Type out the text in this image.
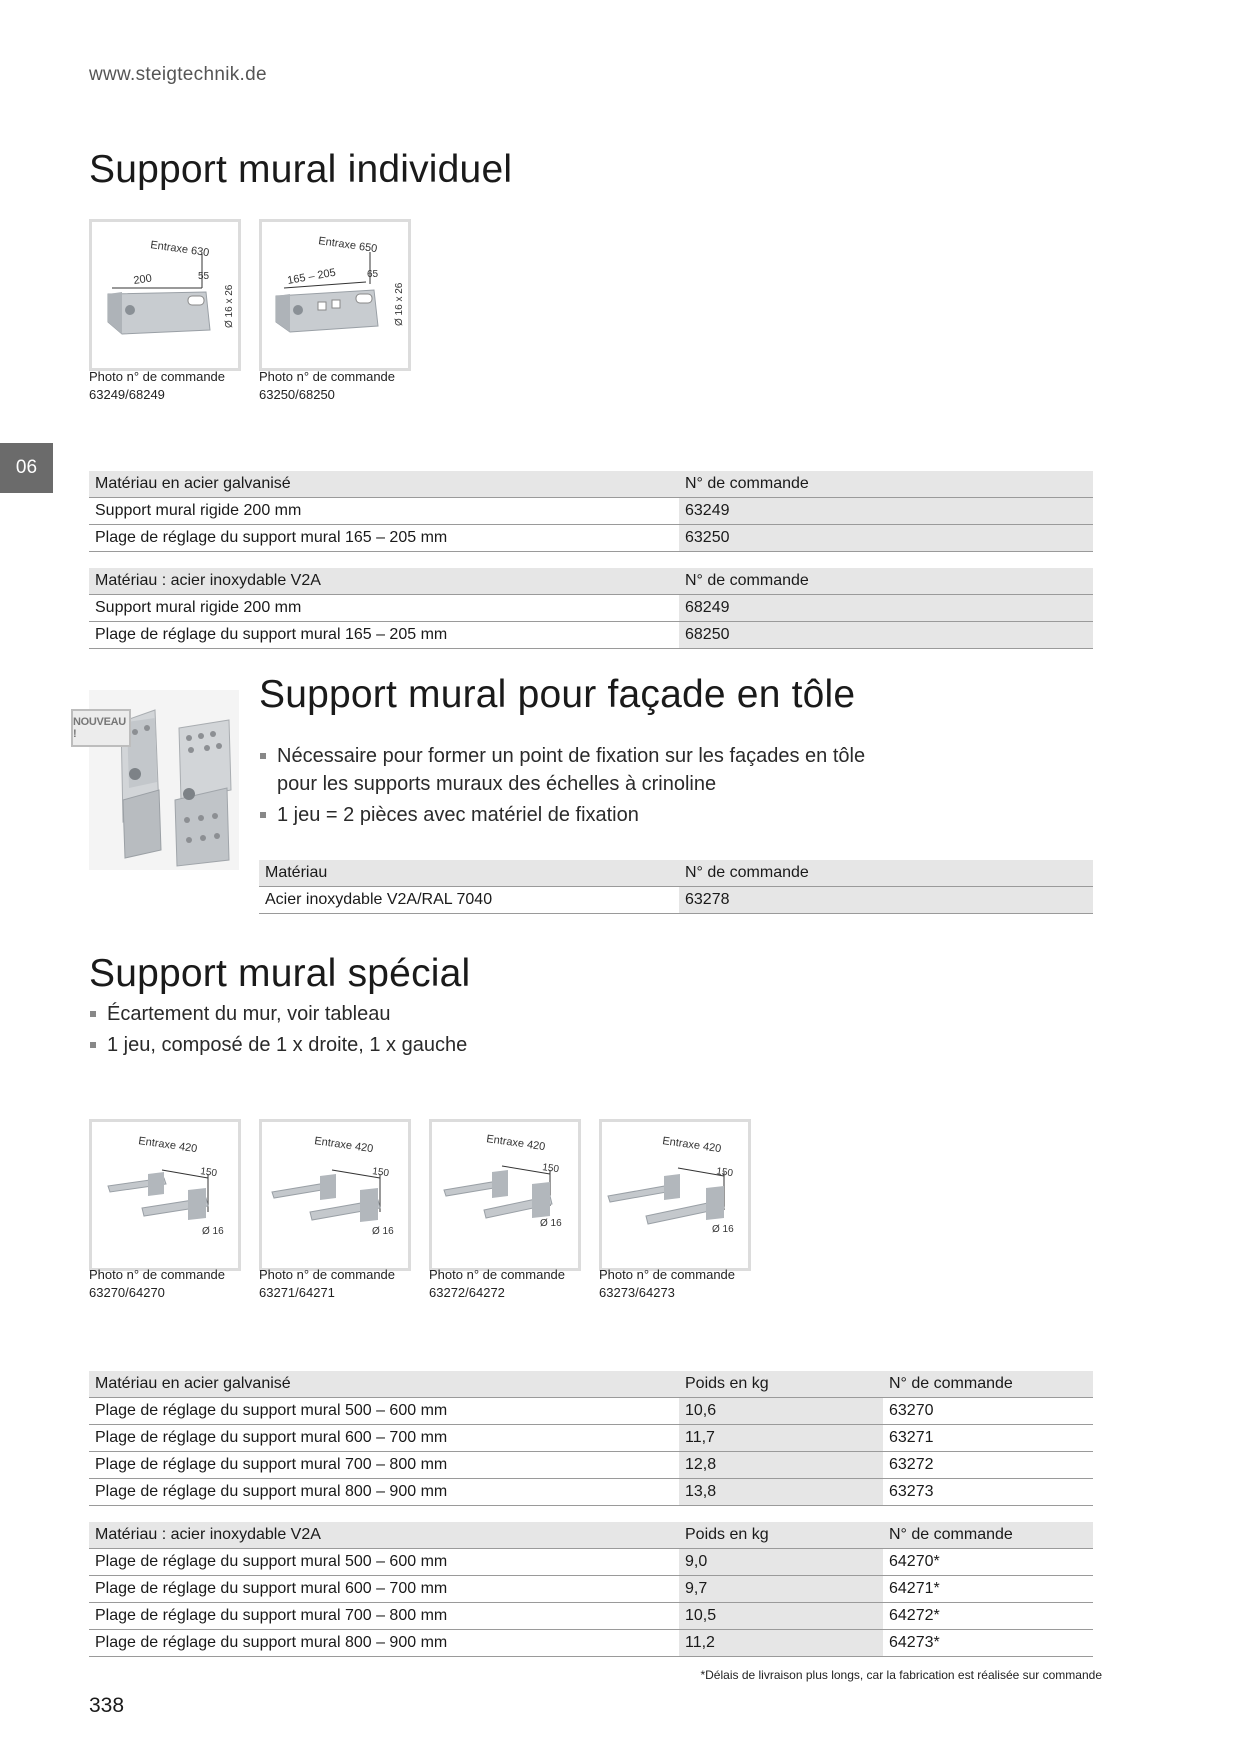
www.steigtechnik.de
06
Support mural individuel
Entraxe 630
200	55
Ø 16 x 26
Photo n° de commande
63249/68249
Entraxe 650
165 – 205	65
Ø 16 x 26
Photo n° de commande
63250/68250
Matériau en acier galvanisé	N° de commande
Support mural rigide 200 mm	63249
Plage de réglage du support mural 165 – 205 mm	63250
Matériau : acier inoxydable V2A	N° de commande
Support mural rigide 200 mm	68249
Plage de réglage du support mural 165 – 205 mm	68250
NOUVEAU !
Support mural pour façade en tôle
Nécessaire pour former un point de fixation sur les façades en tôle
pour les supports muraux des échelles à crinoline
1 jeu = 2 pièces avec matériel de fixation
Matériau	N° de commande
Acier inoxydable V2A/RAL 7040	63278
Support mural spécial
Écartement du mur, voir tableau
1 jeu, composé de 1 x droite, 1 x gauche
Entraxe 420
150
Ø 16
Photo n° de commande
63270/64270
Entraxe 420
150
Ø 16
Photo n° de commande
63271/64271
Entraxe 420
150
Ø 16
Photo n° de commande
63272/64272
Entraxe 420
150
Ø 16
Photo n° de commande
63273/64273
Matériau en acier galvanisé	Poids en kg	N° de commande
Plage de réglage du support mural 500 – 600 mm	10,6	63270
Plage de réglage du support mural 600 – 700 mm	11,7	63271
Plage de réglage du support mural 700 – 800 mm	12,8	63272
Plage de réglage du support mural 800 – 900 mm	13,8	63273
Matériau : acier inoxydable V2A	Poids en kg	N° de commande
Plage de réglage du support mural 500 – 600 mm	9,0	64270*
Plage de réglage du support mural 600 – 700 mm	9,7	64271*
Plage de réglage du support mural 700 – 800 mm	10,5	64272*
Plage de réglage du support mural 800 – 900 mm	11,2	64273*
*Délais de livraison plus longs, car la fabrication est réalisée sur commande
338
